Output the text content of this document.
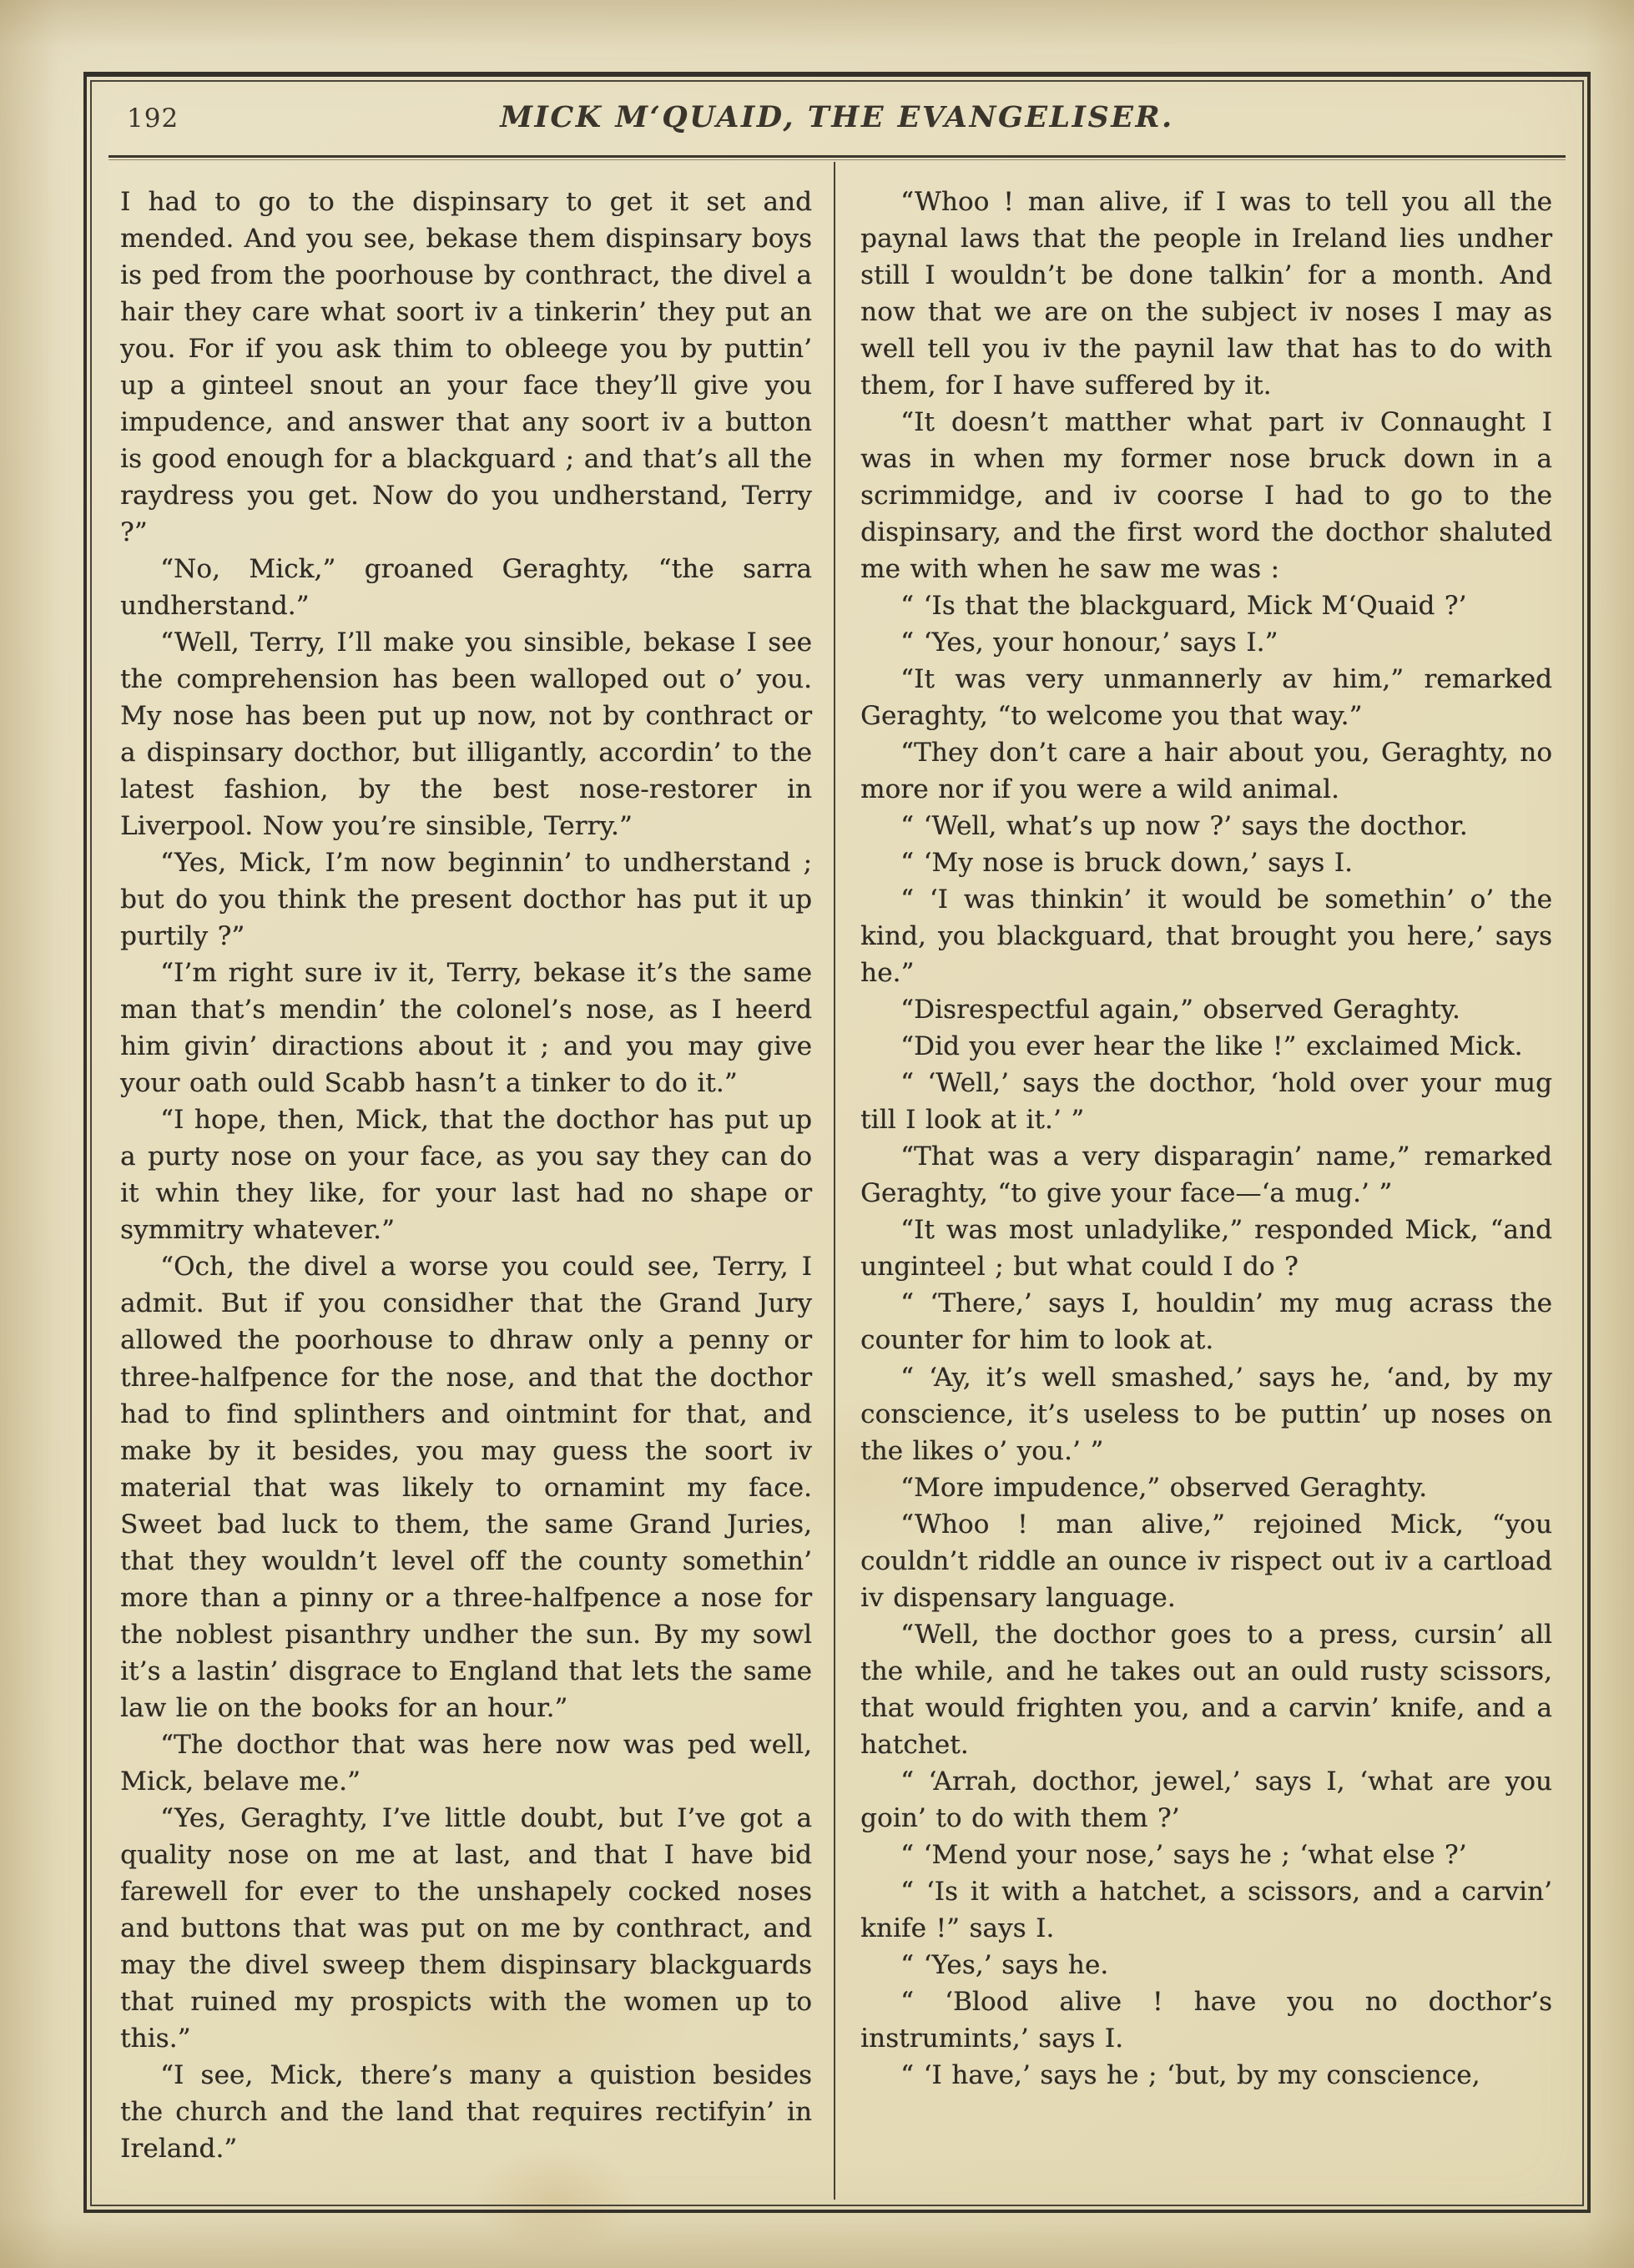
192	MICK M‘QUAID, THE EVANGELISER.

I had to go to the dispinsary to get it set and mended. And you see, bekase them dispinsary boys is ped from the poorhouse by conthract, the divel a hair they care what soort iv a tinkerin’ they put an you. For if you ask thim to obleege you by puttin’ up a ginteel snout an your face they’ll give you impudence, and answer that any soort iv a button is good enough for a blackguard ; and that’s all the raydress you get. Now do you undherstand, Terry ?”

“No, Mick,” groaned Geraghty, “the sarra undherstand.”

“Well, Terry, I’ll make you sinsible, bekase I see the comprehension has been walloped out o’ you. My nose has been put up now, not by conthract or a dispinsary docthor, but illigantly, accordin’ to the latest fashion, by the best nose-restorer in Liverpool. Now you’re sinsible, Terry.”

“Yes, Mick, I’m now beginnin’ to undherstand ; but do you think the present docthor has put it up purtily ?”

“I’m right sure iv it, Terry, bekase it’s the same man that’s mendin’ the colonel’s nose, as I heerd him givin’ diractions about it ; and you may give your oath ould Scabb hasn’t a tinker to do it.”

“I hope, then, Mick, that the docthor has put up a purty nose on your face, as you say they can do it whin they like, for your last had no shape or symmitry whatever.”

“Och, the divel a worse you could see, Terry, I admit. But if you considher that the Grand Jury allowed the poorhouse to dhraw only a penny or three-halfpence for the nose, and that the docthor had to find splinthers and ointmint for that, and make by it besides, you may guess the soort iv material that was likely to ornamint my face. Sweet bad luck to them, the same Grand Juries, that they wouldn’t level off the county somethin’ more than a pinny or a three-halfpence a nose for the noblest pisanthry undher the sun. By my sowl it’s a lastin’ disgrace to England that lets the same law lie on the books for an hour.”

“The docthor that was here now was ped well, Mick, belave me.”

“Yes, Geraghty, I’ve little doubt, but I’ve got a quality nose on me at last, and that I have bid farewell for ever to the unshapely cocked noses and buttons that was put on me by conthract, and may the divel sweep them dispinsary blackguards that ruined my prospicts with the women up to this.”

“I see, Mick, there’s many a quistion besides the church and the land that requires rectifyin’ in Ireland.”

“Whoo ! man alive, if I was to tell you all the paynal laws that the people in Ireland lies undher still I wouldn’t be done talkin’ for a month. And now that we are on the subject iv noses I may as well tell you iv the paynil law that has to do with them, for I have suffered by it.

“It doesn’t matther what part iv Connaught I was in when my former nose bruck down in a scrimmidge, and iv coorse I had to go to the dispinsary, and the first word the docthor shaluted me with when he saw me was :

“ ‘Is that the blackguard, Mick M‘Quaid ?’

“ ‘Yes, your honour,’ says I.”

“It was very unmannerly av him,” remarked Geraghty, “to welcome you that way.”

“They don’t care a hair about you, Geraghty, no more nor if you were a wild animal.

“ ‘Well, what’s up now ?’ says the docthor.

“ ‘My nose is bruck down,’ says I.

“ ‘I was thinkin’ it would be somethin’ o’ the kind, you blackguard, that brought you here,’ says he.”

“Disrespectful again,” observed Geraghty.

“Did you ever hear the like !” exclaimed Mick.

“ ‘Well,’ says the docthor, ‘hold over your mug till I look at it.’ ”

“That was a very disparagin’ name,” remarked Geraghty, “to give your face—‘a mug.’ ”

“It was most unladylike,” responded Mick, “and unginteel ; but what could I do ?

“ ‘There,’ says I, houldin’ my mug acrass the counter for him to look at.

“ ‘Ay, it’s well smashed,’ says he, ‘and, by my conscience, it’s useless to be puttin’ up noses on the likes o’ you.’ ”

“More impudence,” observed Geraghty.

“Whoo ! man alive,” rejoined Mick, “you couldn’t riddle an ounce iv rispect out iv a cartload iv dispensary language.

“Well, the docthor goes to a press, cursin’ all the while, and he takes out an ould rusty scissors, that would frighten you, and a carvin’ knife, and a hatchet.

“ ‘Arrah, docthor, jewel,’ says I, ‘what are you goin’ to do with them ?’

“ ‘Mend your nose,’ says he ; ‘what else ?’

“ ‘Is it with a hatchet, a scissors, and a carvin’ knife !” says I.

“ ‘Yes,’ says he.

“ ‘Blood alive ! have you no docthor’s instrumints,’ says I.

“ ‘I have,’ says he ; ‘but, by my conscience,
